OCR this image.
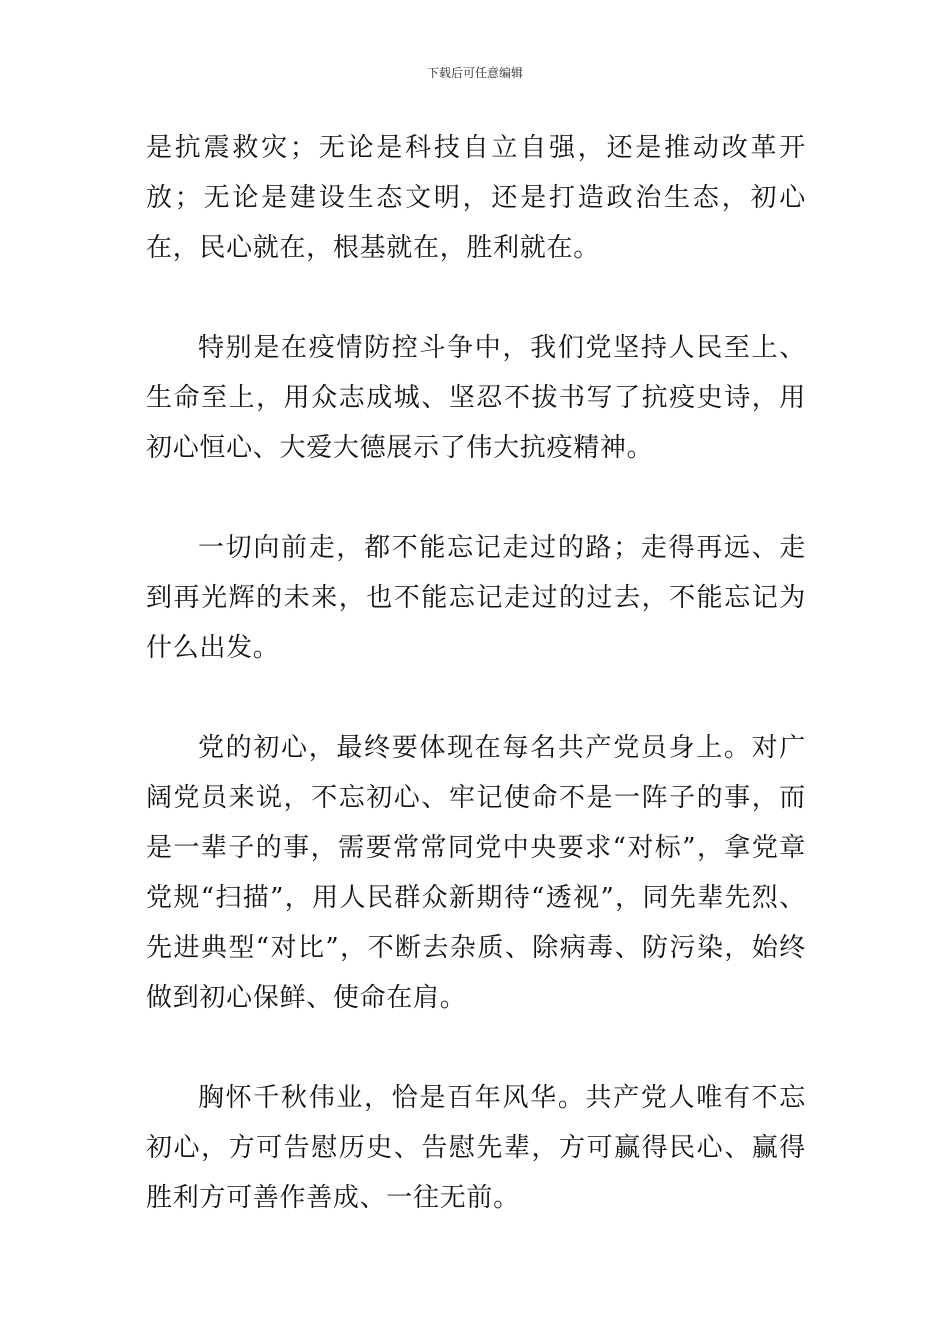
下载后可任意编辑

是抗震救灾；无论是科技自立自强，还是推动改革开放；无论是建设生态文明，还是打造政治生态，初心在，民心就在，根基就在，胜利就在。

特别是在疫情防控斗争中，我们党坚持人民至上、生命至上，用众志成城、坚忍不拔书写了抗疫史诗，用初心恒心、大爱大德展示了伟大抗疫精神。

一切向前走，都不能忘记走过的路；走得再远、走到再光辉的未来，也不能忘记走过的过去，不能忘记为什么出发。

党的初心，最终要体现在每名共产党员身上。对广阔党员来说，不忘初心、牢记使命不是一阵子的事，而是一辈子的事，需要常常同党中央要求“对标”，拿党章党规“扫描”，用人民群众新期待“透视”，同先辈先烈、先进典型“对比”，不断去杂质、除病毒、防污染，始终做到初心保鲜、使命在肩。

胸怀千秋伟业，恰是百年风华。共产党人唯有不忘初心，方可告慰历史、告慰先辈，方可赢得民心、赢得胜利方可善作善成、一往无前。
